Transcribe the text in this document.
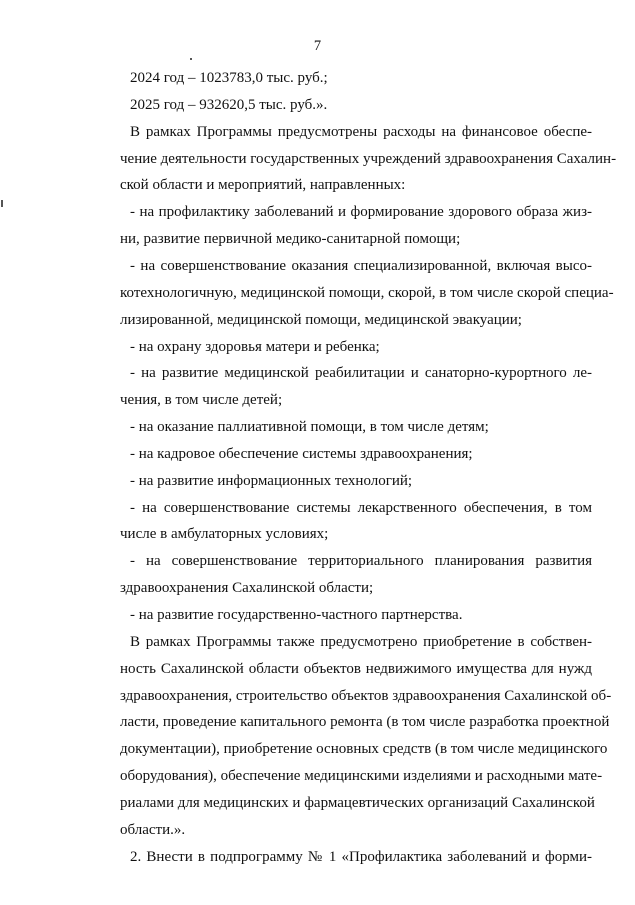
7
2024 год – 1023783,0 тыс. руб.;
2025 год – 932620,5 тыс. руб.».
В рамках Программы предусмотрены расходы на финансовое обеспе-
чение деятельности государственных учреждений здравоохранения Сахалин-
ской области и мероприятий, направленных:
- на профилактику заболеваний и формирование здорового образа жиз-
ни, развитие первичной медико-санитарной помощи;
- на совершенствование оказания специализированной, включая высо-
котехнологичную, медицинской помощи, скорой, в том числе скорой специа-
лизированной, медицинской помощи, медицинской эвакуации;
- на охрану здоровья матери и ребенка;
- на развитие медицинской реабилитации и санаторно-курортного ле-
чения, в том числе детей;
- на оказание паллиативной помощи, в том числе детям;
- на кадровое обеспечение системы здравоохранения;
- на развитие информационных технологий;
- на совершенствование системы лекарственного обеспечения, в том
числе в амбулаторных условиях;
- на совершенствование территориального планирования развития
здравоохранения Сахалинской области;
- на развитие государственно-частного партнерства.
В рамках Программы также предусмотрено приобретение в собствен-
ность Сахалинской области объектов недвижимого имущества для нужд
здравоохранения, строительство объектов здравоохранения Сахалинской об-
ласти, проведение капитального ремонта (в том числе разработка проектной
документации), приобретение основных средств (в том числе медицинского
оборудования), обеспечение медицинскими изделиями и расходными мате-
риалами для медицинских и фармацевтических организаций Сахалинской
области.».
2. Внести в подпрограмму № 1 «Профилактика заболеваний и форми-
